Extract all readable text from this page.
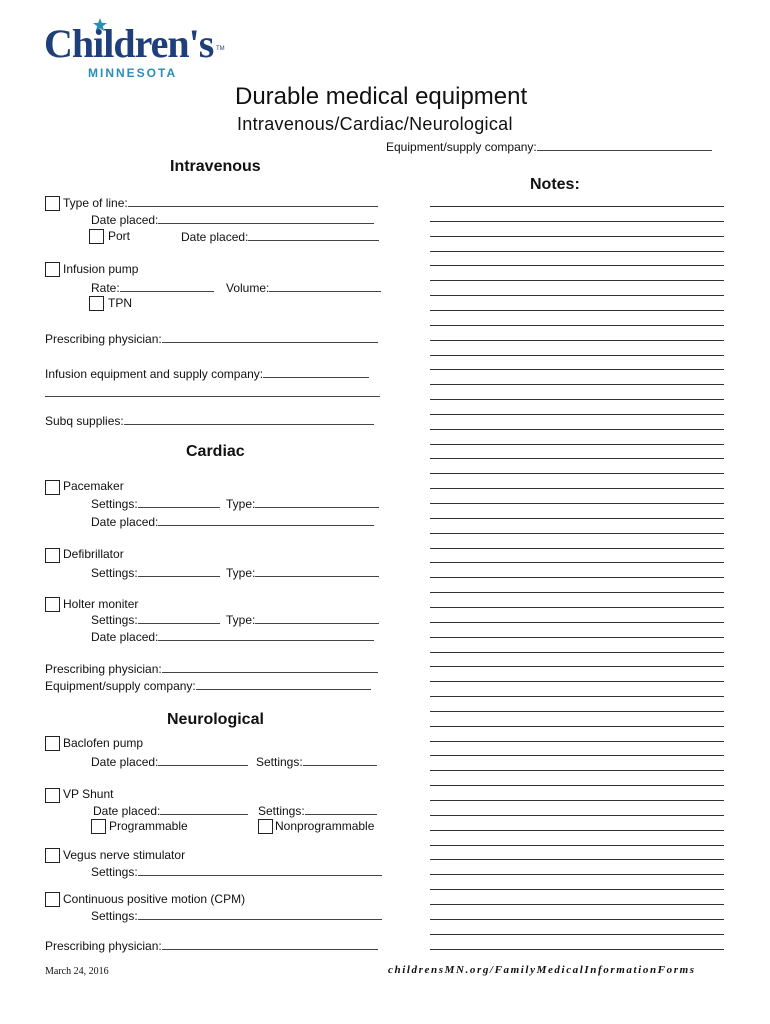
Children's TM
MINNESOTA
Durable medical equipment
Intravenous/Cardiac/Neurological
Equipment/supply company:
Intravenous
Type of line:
Date placed:
Port	Date placed:
Infusion pump
Rate:	Volume:
TPN
Prescribing physician:
Infusion equipment and supply company:
Subq supplies:
Cardiac
Pacemaker
Settings:	Type:
Date placed:
Defibrillator
Settings:	Type:
Holter moniter
Settings:	Type:
Date placed:
Prescribing physician:
Equipment/supply company:
Neurological
Baclofen pump
Date placed:	Settings:
VP Shunt
Date placed:	Settings:
Programmable	Nonprogrammable
Vegus nerve stimulator
Settings:
Continuous positive motion (CPM)
Settings:
Prescribing physician:
Notes:
March 24, 2016	childrensMN.org/FamilyMedicalInformationForms
